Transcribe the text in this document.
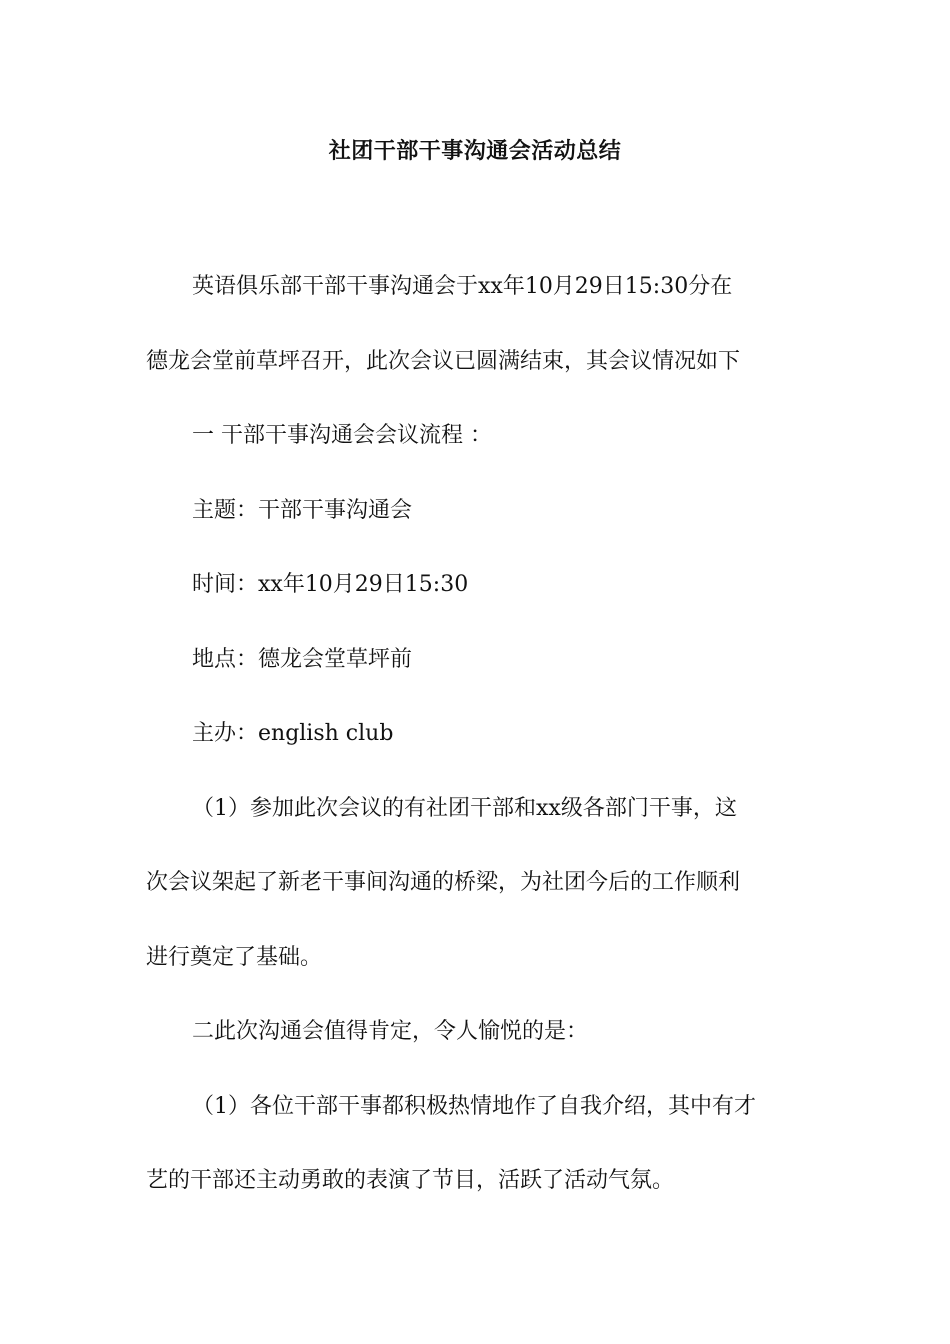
社团干部干事沟通会活动总结
英语俱乐部干部干事沟通会于xx年10月29日15:30分在
德龙会堂前草坪召开，此次会议已圆满结束，其会议情况如下
一 干部干事沟通会会议流程 ：
主题：干部干事沟通会
时间：xx年10月29日15:30
地点：德龙会堂草坪前
主办：english club
（1）参加此次会议的有社团干部和xx级各部门干事，这
次会议架起了新老干事间沟通的桥梁，为社团今后的工作顺利
进行奠定了基础。
二此次沟通会值得肯定，令人愉悦的是：
（1）各位干部干事都积极热情地作了自我介绍，其中有才
艺的干部还主动勇敢的表演了节目，活跃了活动气氛。
